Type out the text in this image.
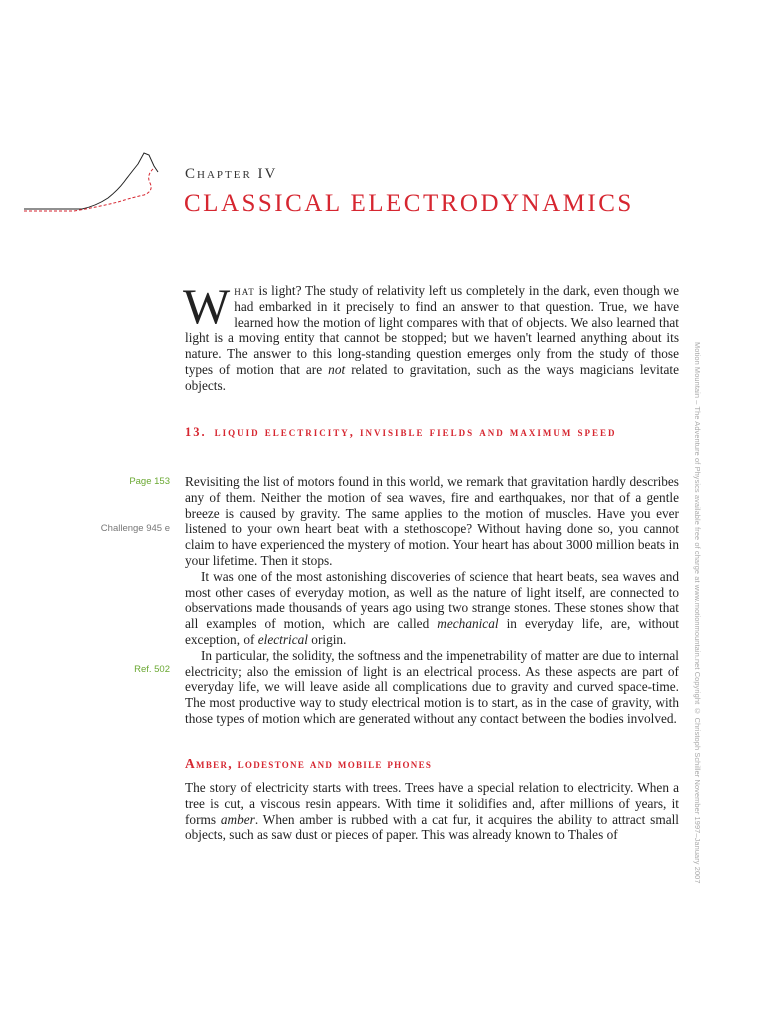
Chapter IV
CLASSICAL ELECTRODYNAMICS

What is light? The study of relativity left us completely in the dark, even though we had embarked in it precisely to find an answer to that question. True, we have learned how the motion of light compares with that of objects. We also learned that light is a moving entity that cannot be stopped; but we haven't learned anything about its nature. The answer to this long-standing question emerges only from the study of those types of motion that are not related to gravitation, such as the ways magicians levitate objects.

13. liquid electricity, invisible fields and maximum speed
Page 153
Challenge 945 e
Ref. 502

Revisiting the list of motors found in this world, we remark that gravitation hardly describes any of them. Neither the motion of sea waves, fire and earthquakes, nor that of a gentle breeze is caused by gravity. The same applies to the motion of muscles. Have you ever listened to your own heart beat with a stethoscope? Without having done so, you cannot claim to have experienced the mystery of motion. Your heart has about 3000 million beats in your lifetime. Then it stops.

It was one of the most astonishing discoveries of science that heart beats, sea waves and most other cases of everyday motion, as well as the nature of light itself, are connected to observations made thousands of years ago using two strange stones. These stones show that all examples of motion, which are called mechanical in everyday life, are, without exception, of electrical origin.

In particular, the solidity, the softness and the impenetrability of matter are due to internal electricity; also the emission of light is an electrical process. As these aspects are part of everyday life, we will leave aside all complications due to gravity and curved space-time. The most productive way to study electrical motion is to start, as in the case of gravity, with those types of motion which are generated without any contact between the bodies involved.

Amber, lodestone and mobile phones

The story of electricity starts with trees. Trees have a special relation to electricity. When a tree is cut, a viscous resin appears. With time it solidifies and, after millions of years, it forms amber. When amber is rubbed with a cat fur, it acquires the ability to attract small objects, such as saw dust or pieces of paper. This was already known to Thales of	Motion Mountain – The Adventure of Physics available free of charge at www.motionmountain.net Copyright © Christoph Schiller November 1997–January 2007
